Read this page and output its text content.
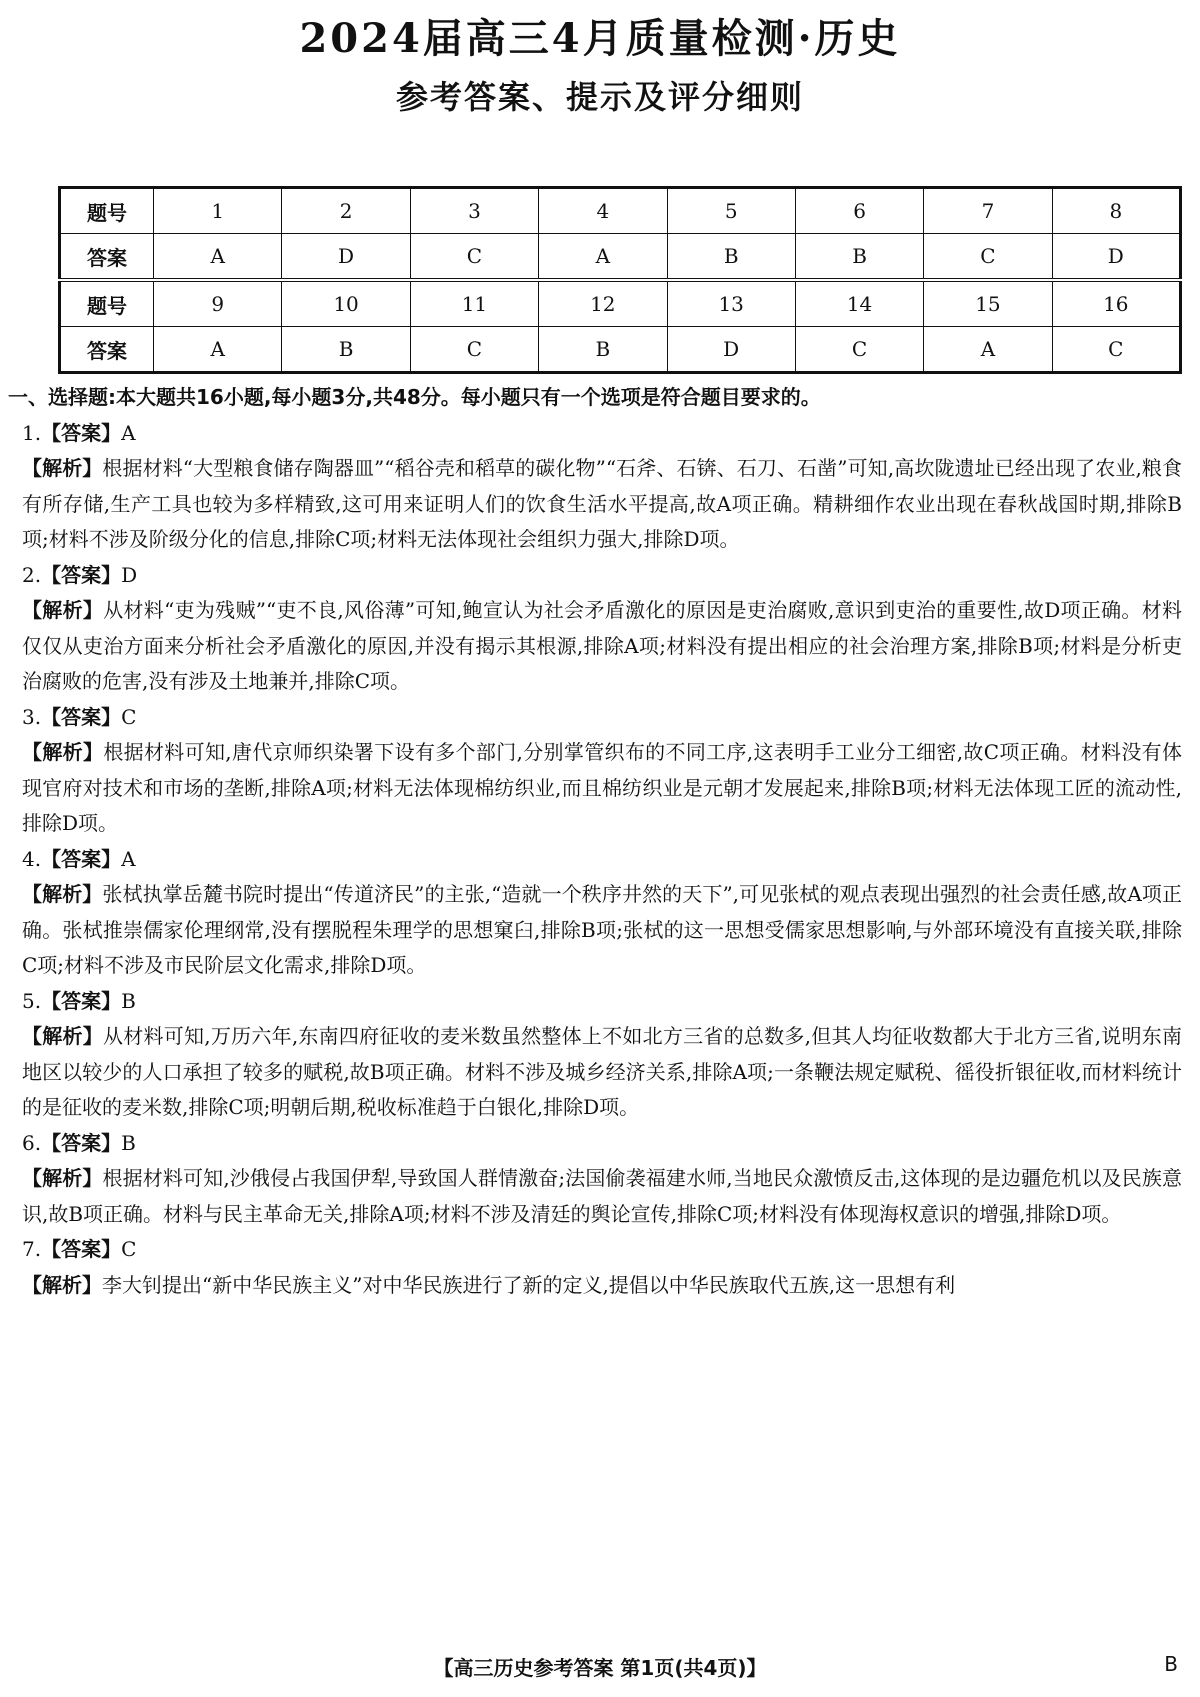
2024届高三4月质量检测·历史
参考答案、提示及评分细则
题号	1	2	3	4	5	6	7	8
答案	A	D	C	A	B	B	C	D
题号	9	10	11	12	13	14	15	16
答案	A	B	C	B	D	C	A	C

一、选择题:本大题共16小题,每小题3分,共48分。每小题只有一个选项是符合题目要求的。

1.【答案】A

【解析】根据材料“大型粮食储存陶器皿”“稻谷壳和稻草的碳化物”“石斧、石锛、石刀、石凿”可知,高坎陇遗址已经出现了农业,粮食有所存储,生产工具也较为多样精致,这可用来证明人们的饮食生活水平提高,故A项正确。精耕细作农业出现在春秋战国时期,排除B项;材料不涉及阶级分化的信息,排除C项;材料无法体现社会组织力强大,排除D项。

2.【答案】D

【解析】从材料“吏为残贼”“吏不良,风俗薄”可知,鲍宣认为社会矛盾激化的原因是吏治腐败,意识到吏治的重要性,故D项正确。材料仅仅从吏治方面来分析社会矛盾激化的原因,并没有揭示其根源,排除A项;材料没有提出相应的社会治理方案,排除B项;材料是分析吏治腐败的危害,没有涉及土地兼并,排除C项。

3.【答案】C

【解析】根据材料可知,唐代京师织染署下设有多个部门,分别掌管织布的不同工序,这表明手工业分工细密,故C项正确。材料没有体现官府对技术和市场的垄断,排除A项;材料无法体现棉纺织业,而且棉纺织业是元朝才发展起来,排除B项;材料无法体现工匠的流动性,排除D项。

4.【答案】A

【解析】张栻执掌岳麓书院时提出“传道济民”的主张,“造就一个秩序井然的天下”,可见张栻的观点表现出强烈的社会责任感,故A项正确。张栻推崇儒家伦理纲常,没有摆脱程朱理学的思想窠臼,排除B项;张栻的这一思想受儒家思想影响,与外部环境没有直接关联,排除C项;材料不涉及市民阶层文化需求,排除D项。

5.【答案】B

【解析】从材料可知,万历六年,东南四府征收的麦米数虽然整体上不如北方三省的总数多,但其人均征收数都大于北方三省,说明东南地区以较少的人口承担了较多的赋税,故B项正确。材料不涉及城乡经济关系,排除A项;一条鞭法规定赋税、徭役折银征收,而材料统计的是征收的麦米数,排除C项;明朝后期,税收标准趋于白银化,排除D项。

6.【答案】B

【解析】根据材料可知,沙俄侵占我国伊犁,导致国人群情激奋;法国偷袭福建水师,当地民众激愤反击,这体现的是边疆危机以及民族意识,故B项正确。材料与民主革命无关,排除A项;材料不涉及清廷的舆论宣传,排除C项;材料没有体现海权意识的增强,排除D项。

7.【答案】C

【解析】李大钊提出“新中华民族主义”对中华民族进行了新的定义,提倡以中华民族取代五族,这一思想有利

【高三历史参考答案 第1页(共4页)】	B
